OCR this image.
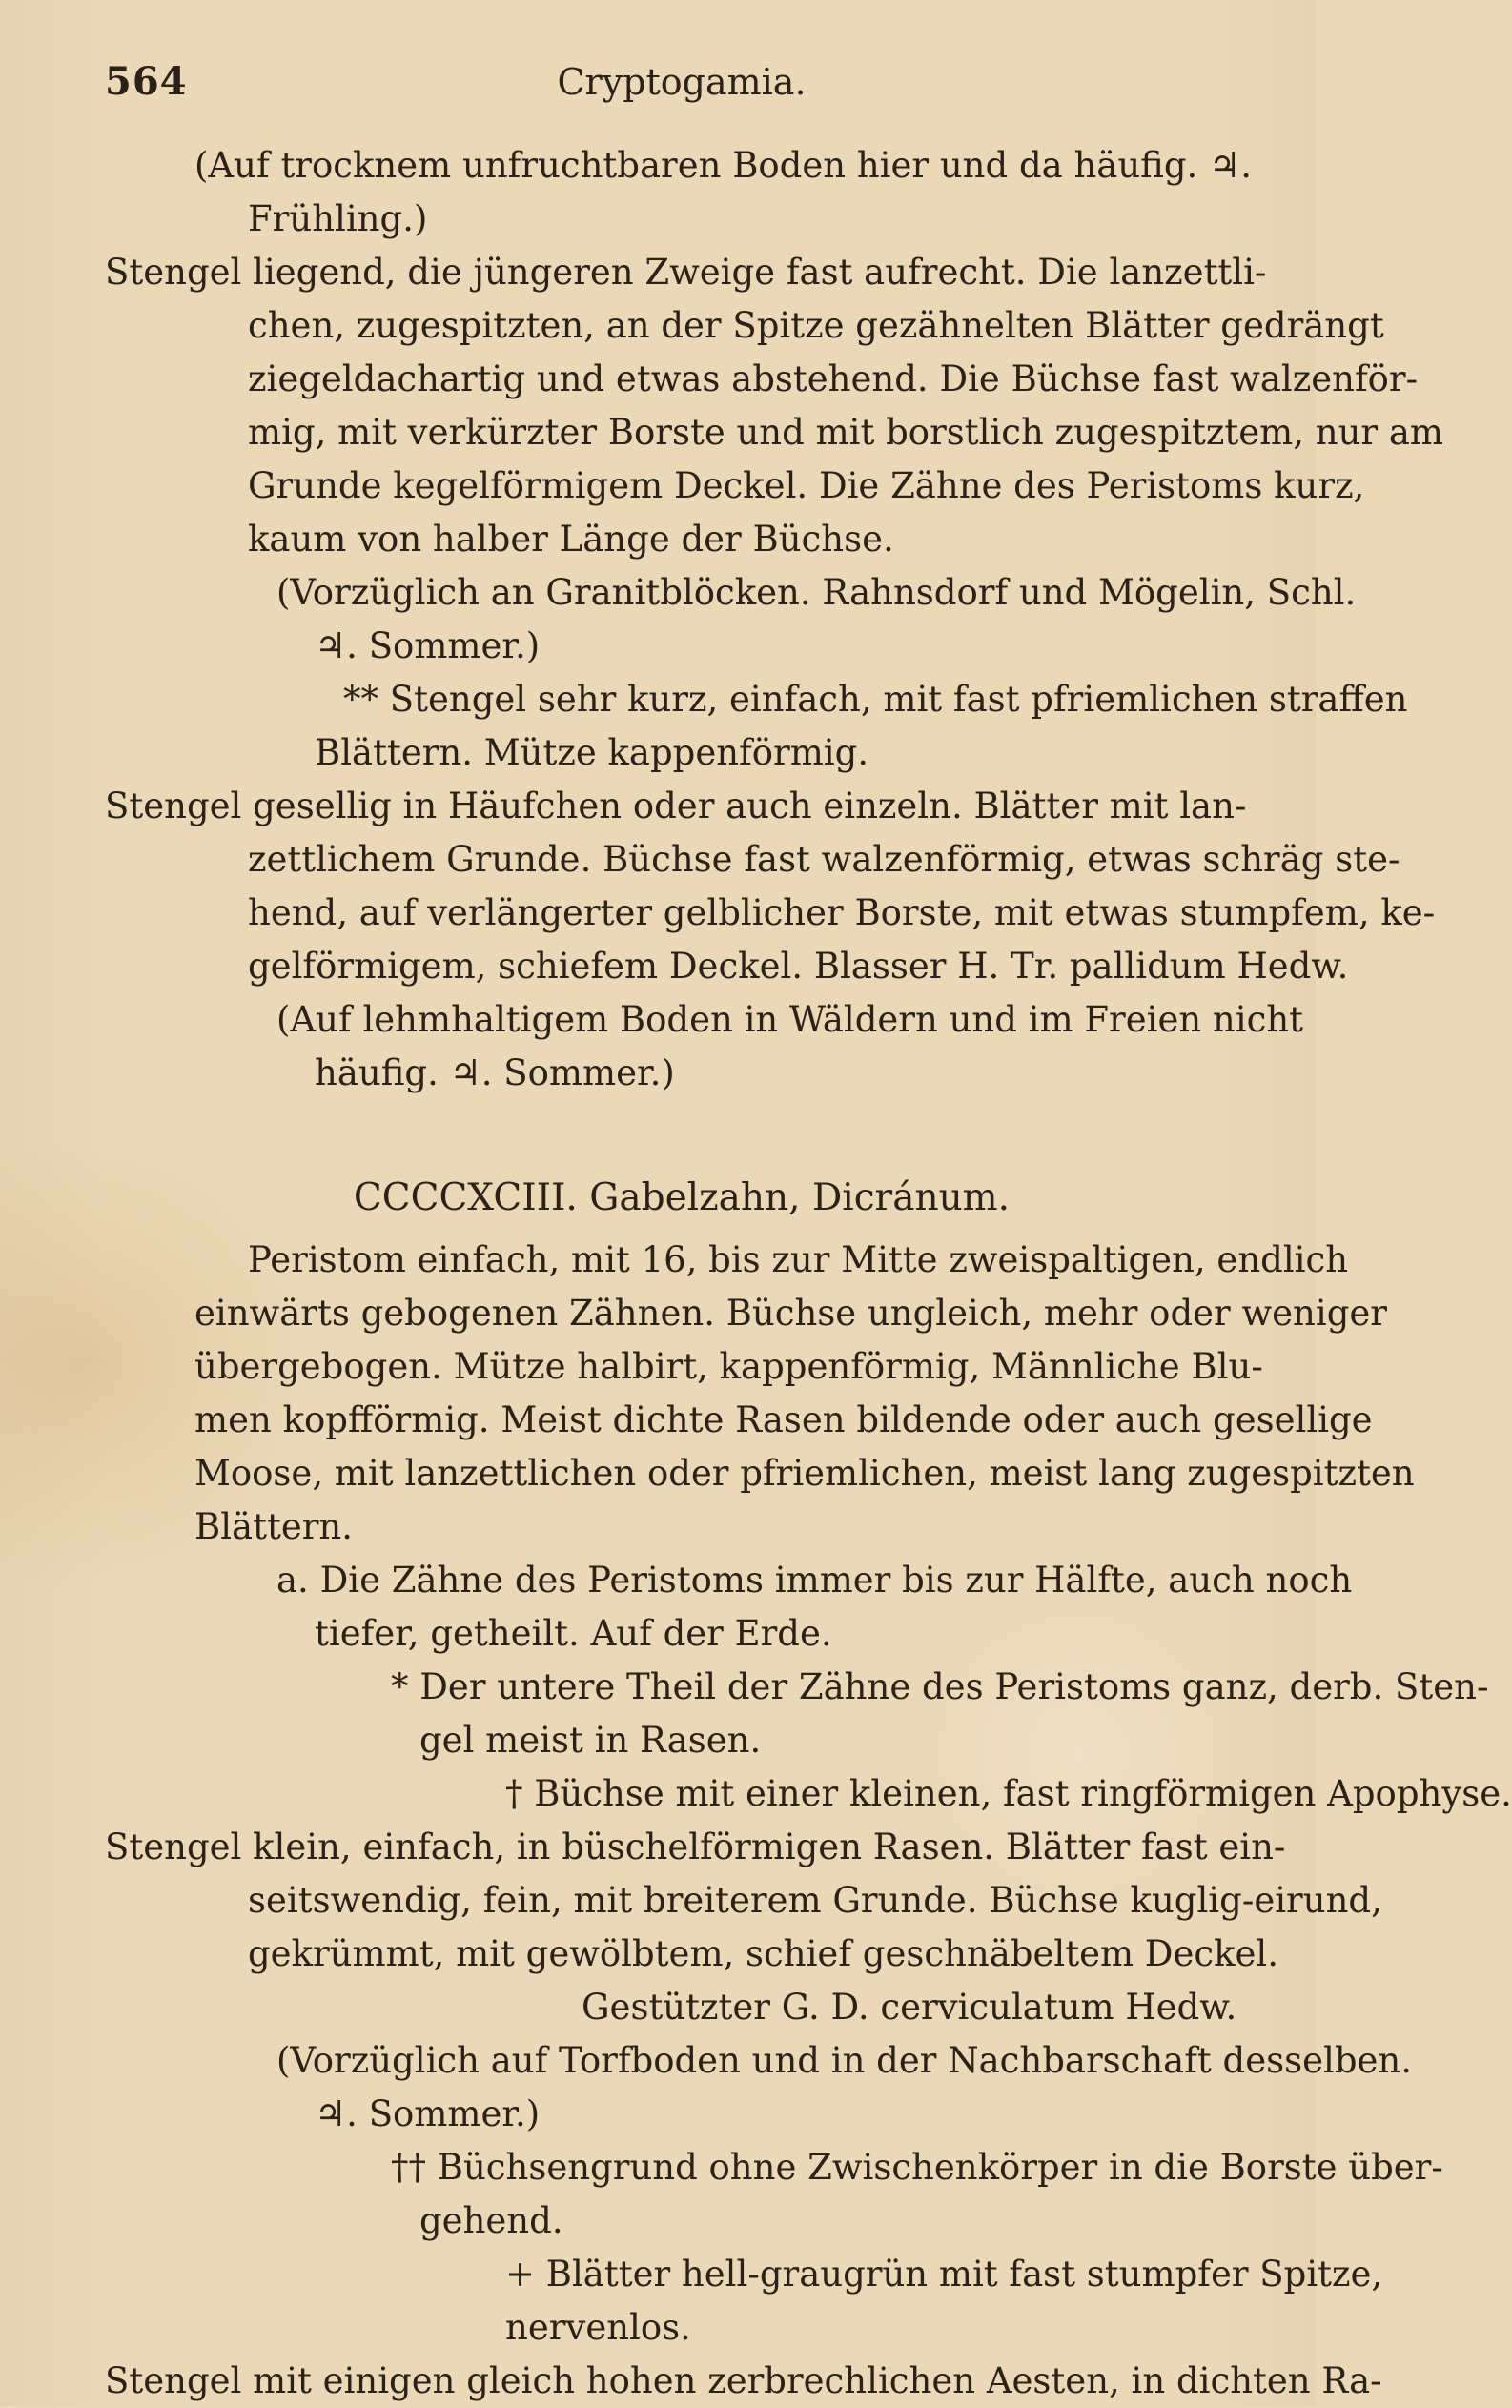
564	Cryptogamia.
(Auf trocknem unfruchtbaren Boden hier und da häufig. ♃.
Frühling.)
Stengel liegend, die jüngeren Zweige fast aufrecht. Die lanzettli-
chen, zugespitzten, an der Spitze gezähnelten Blätter gedrängt
ziegeldachartig und etwas abstehend. Die Büchse fast walzenför-
mig, mit verkürzter Borste und mit borstlich zugespitztem, nur am
Grunde kegelförmigem Deckel. Die Zähne des Peristoms kurz,
kaum von halber Länge der Büchse.
(Vorzüglich an Granitblöcken. Rahnsdorf und Mögelin, Schl.
♃. Sommer.)
** Stengel sehr kurz, einfach, mit fast pfriemlichen straffen
Blättern. Mütze kappenförmig.
Stengel gesellig in Häufchen oder auch einzeln. Blätter mit lan-
zettlichem Grunde. Büchse fast walzenförmig, etwas schräg ste-
hend, auf verlängerter gelblicher Borste, mit etwas stumpfem, ke-
gelförmigem, schiefem Deckel. Blasser H. Tr. pallidum Hedw.
(Auf lehmhaltigem Boden in Wäldern und im Freien nicht
häufig. ♃. Sommer.)
CCCCXCIII. Gabelzahn, Dicránum.
Peristom einfach, mit 16, bis zur Mitte zweispaltigen, endlich
einwärts gebogenen Zähnen. Büchse ungleich, mehr oder weniger
übergebogen. Mütze halbirt, kappenförmig, Männliche Blu-
men kopfförmig. Meist dichte Rasen bildende oder auch gesellige
Moose, mit lanzettlichen oder pfriemlichen, meist lang zugespitzten
Blättern.
a. Die Zähne des Peristoms immer bis zur Hälfte, auch noch
tiefer, getheilt. Auf der Erde.
* Der untere Theil der Zähne des Peristoms ganz, derb. Sten-
gel meist in Rasen.
† Büchse mit einer kleinen, fast ringförmigen Apophyse.
Stengel klein, einfach, in büschelförmigen Rasen. Blätter fast ein-
seitswendig, fein, mit breiterem Grunde. Büchse kuglig-eirund,
gekrümmt, mit gewölbtem, schief geschnäbeltem Deckel.
Gestützter G. D. cerviculatum Hedw.
(Vorzüglich auf Torfboden und in der Nachbarschaft desselben.
♃. Sommer.)
†† Büchsengrund ohne Zwischenkörper in die Borste über-
gehend.
+ Blätter hell-graugrün mit fast stumpfer Spitze,
nervenlos.
Stengel mit einigen gleich hohen zerbrechlichen Aesten, in dichten Ra-
